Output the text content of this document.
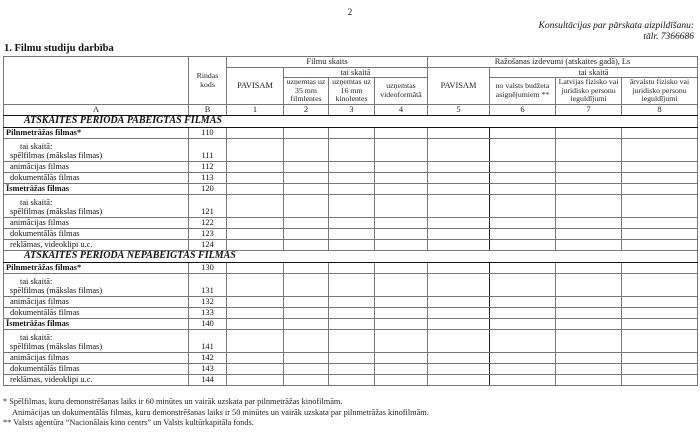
2
Konsultācijas par pārskata aizpildīšanu:
tālr. 7366686
1. Filmu studiju darbība
	Rindas kods	Filmu skaits				Ražošanas izdevumi (atskaites gadā), Ls			
		PAVISAM	tai skaitā			PAVISAM	tai skaitā		
			uzņemtas uz 35 mm filmlentes	uzņemtas uz 16 mm kinolentes	uzņemtas videoformātā		no valsts budžeta asignējumiem **	Latvijas fizisko vai juridisko personu ieguldījumi	ārvalstu fizisko vai juridisko personu ieguldījumi
A	B	1	2	3	4	5	6	7	8
ATSKAITES PERIODĀ PABEIGTĀS FILMAS									
Pilnmetrāžas filmas*	110								

tai skaitā:
spēlfilmas (mākslas filmas)	111								
animācijas filmas	112								
dokumentālās filmas	113								
Īsmetrāžas filmas	120								

tai skaitā:
spēlfilmas (mākslas filmas)	121								
animācijas filmas	122								
dokumentālās filmas	123								
reklāmas, videoklipi u.c.	124								
ATSKAITES PERIODĀ NEPABEIGTĀS FILMAS									
Pilnmetrāžas filmas*	130								

tai skaitā:
spēlfilmas (mākslas filmas)	131								
animācijas filmas	132								
dokumentālās filmas	133								
Īsmetrāžas filmas	140								

tai skaitā:
spēlfilmas (mākslas filmas)	141								
animācijas filmas	142								
dokumentālās filmas	143								
reklāmas, videoklipi u.c.	144								
* Spēlfilmas, kuru demonstrēšanas laiks ir 60 minūtes un vairāk uzskata par pilnmetrāžas kinofilmām.
Animācijas un dokumentālās filmas, kuru demonstrēšanas laiks ir 50 minūtes un vairāk uzskata par pilnmetrāžas kinofilmām.
** Valsts aģentūra “Nacionālais kino centrs” un Valsts kultūrkapitāla fonds.
